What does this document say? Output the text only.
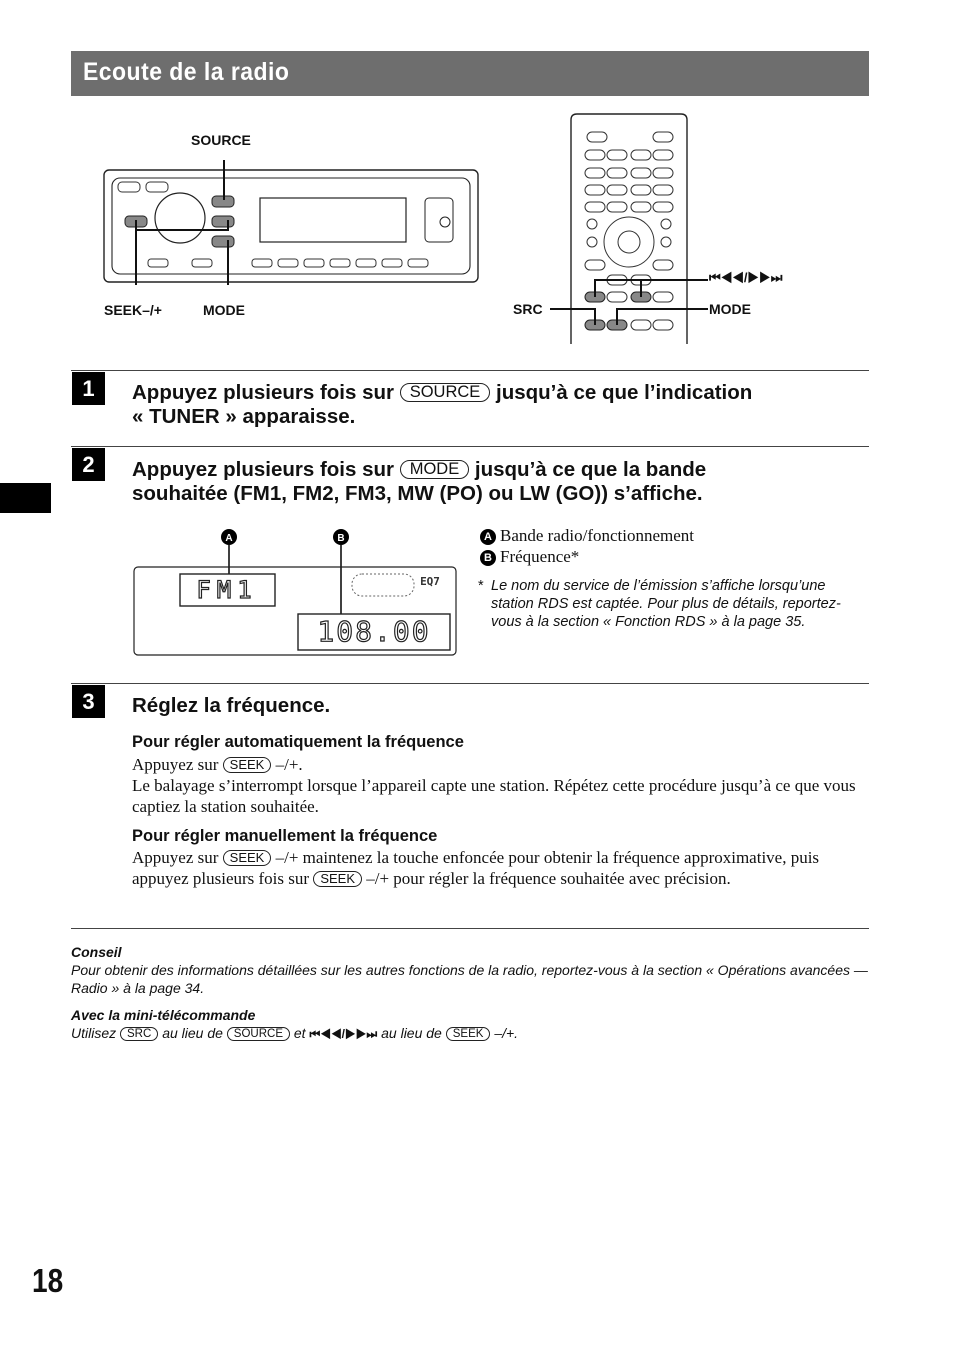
Ecoute de la radio
SOURCE
SEEK–/+	MODE
⏮◀◀/▶▶⏭
SRC	MODE
1	Appuyez plusieurs fois sur SOURCE jusqu’à ce que l’indication
« TUNER » apparaisse.
2	Appuyez plusieurs fois sur MODE jusqu’à ce que la bande
souhaitée (FM1, FM2, FM3, MW (PO) ou LW (GO)) s’affiche.
A	B
FM1
108.00
EQ7
A Bande radio/fonctionnement
B Fréquence*
* Le nom du service de l’émission s’affiche lorsqu’une station RDS est captée. Pour plus de détails, reportez-vous à la section « Fonction RDS » à la page 35.
3	Réglez la fréquence.
Pour régler automatiquement la fréquence
Appuyez sur SEEK –/+.
Le balayage s’interrompt lorsque l’appareil capte une station. Répétez cette procédure jusqu’à ce que vous captiez la station souhaitée.
Pour régler manuellement la fréquence
Appuyez sur SEEK –/+ maintenez la touche enfoncée pour obtenir la fréquence approximative, puis appuyez plusieurs fois sur SEEK –/+ pour régler la fréquence souhaitée avec précision.
Conseil
Pour obtenir des informations détaillées sur les autres fonctions de la radio, reportez-vous à la section « Opérations avancées — Radio » à la page 34.
Avec la mini-télécommande
Utilisez SRC au lieu de SOURCE et ⏮◀◀/▶▶⏭ au lieu de SEEK –/+.
18
